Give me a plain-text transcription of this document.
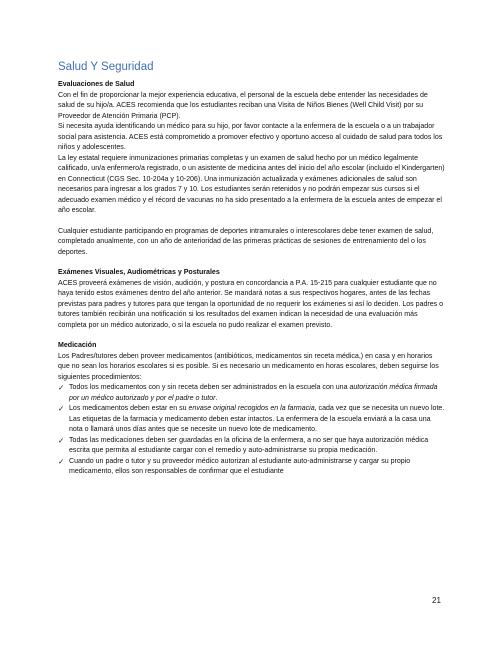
Salud Y Seguridad

Evaluaciones de Salud

Con el fin de proporcionar la mejor experiencia educativa, el personal de la escuela debe entender las necesidades de salud de su hijo/a. ACES recomienda que los estudiantes reciban una Visita de Niños Bienes (Well Child Visit) por su Proveedor de Atención Primaria (PCP).

Si necesita ayuda identificando un médico para su hijo, por favor contacte a la enfermera de la escuela o a un trabajador social para asistencia. ACES está comprometido a promover efectivo y oportuno acceso al cuidado de salud para todos los niños y adolescentes.

La ley estatal requiere inmunizaciones primarias completas y un examen de salud hecho por un médico legalmente calificado, un/a enfermero/a registrado, o un asistente de medicina antes del inicio del año escolar (incluido el Kindergarten) en Connecticut (CGS Sec. 10-204a y 10-206). Una inmunización actualizada y exámenes adicionales de salud son necesarios para ingresar a los grados 7 y 10. Los estudiantes serán retenidos y no podrán empezar sus cursos si el adecuado examen médico y el récord de vacunas no ha sido presentado a la enfermera de la escuela antes de empezar el año escolar.

Cualquier estudiante participando en programas de deportes intramurales o interescolares debe tener examen de salud, completado anualmente, con un año de anterioridad de las primeras prácticas de sesiones de entrenamiento del o los deportes.

Exámenes Visuales, Audiométricas y Posturales

ACES proveerá exámenes de visión, audición, y postura en concordancia a P.A. 15-215 para cualquier estudiante que no haya tenido estos exámenes dentro del año anterior. Se mandará notas a sus respectivos hogares, antes de las fechas previstas para padres y tutores para que tengan la oportunidad de no requerir los exámenes si así lo deciden. Los padres o tutores también recibirán una notificación si los resultados del examen indican la necesidad de una evaluación más completa por un médico autorizado, o si la escuela no pudo realizar el examen previsto.

Medicación

Los Padres/tutores deben proveer medicamentos (antibióticos, medicamentos sin receta médica,) en casa y en horarios que no sean los horarios escolares si es posible. Si es necesario un medicamento en horas escolares, deben seguirse los siguientes procedimientos:

✓ Todos los medicamentos con y sin receta deben ser administrados en la escuela con una autorización médica firmada por un médico autorizado y por el padre o tutor.
✓ Los medicamentos deben estar en su envase original recogidos en la farmacia, cada vez que se necesita un nuevo lote. Las etiquetas de la farmacia y medicamento deben estar intactos. La enfermera de la escuela enviará a la casa una nota o llamará unos días antes que se necesite un nuevo lote de medicamento.
✓ Todas las medicaciones deben ser guardadas en la oficina de la enfermera, a no ser que haya autorización médica escrita que permita al estudiante cargar con el remedio y auto-administrarse su propia medicación.
✓ Cuando un padre o tutor y su proveedor médico autorizan al estudiante auto-administrarse y cargar su propio medicamento, ellos son responsables de confirmar que el estudiante
21
